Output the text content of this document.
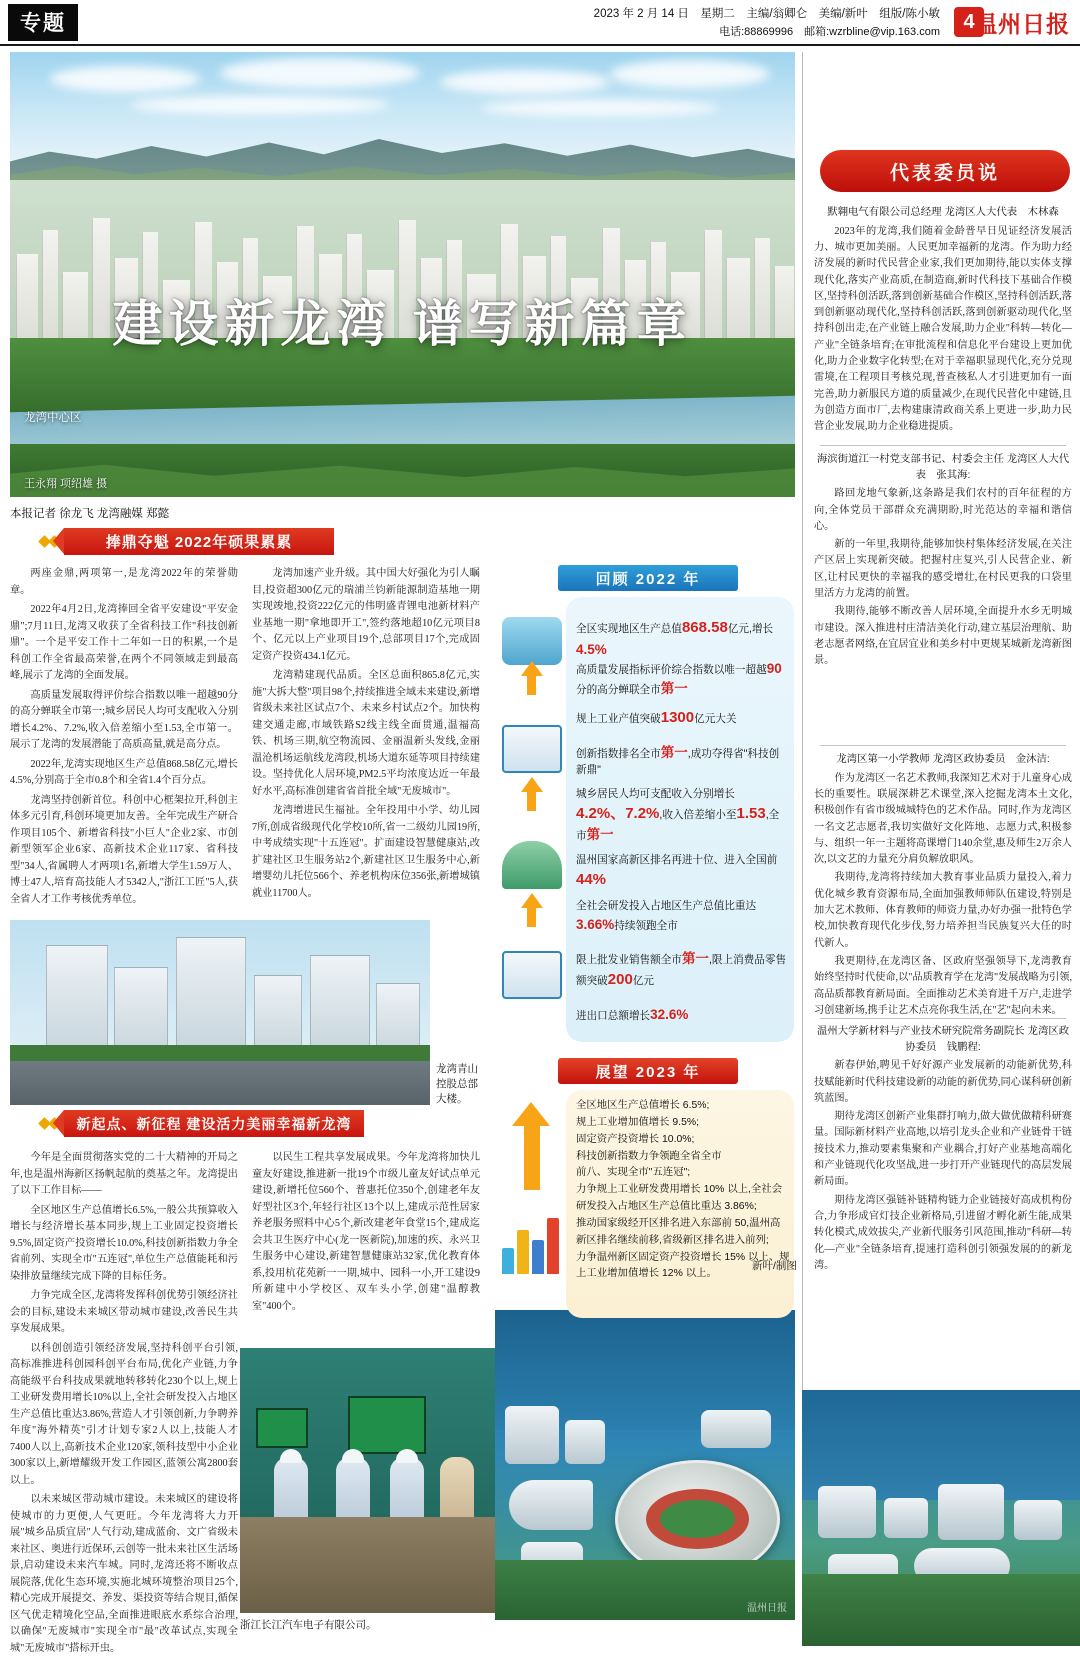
专题	2023 年 2 月 14 日　星期二　主编/翁卿仑　美编/新叶　组版/陈小敏
电话:88869996　邮箱:wzrbline@vip.163.com	4 温州日报
建设新龙湾 谱写新篇章
龙湾中心区
王永翔 项绍雄 摄
本报记者 徐龙飞 龙湾融媒 郑懿
捧鼎夺魁 2022年硕果累累

两座金鼎,两项第一,是龙湾2022年的荣誉勋章。

2022年4月2日,龙湾捧回全省平安建设"平安金鼎";7月11日,龙湾又收获了全省科技工作"科技创新鼎"。一个是平安工作十二年如一日的积累,一个是科创工作全省最高荣誉,在两个不同领域走到最高峰,展示了龙湾的全面发展。

高质量发展取得评价综合指数以唯一超越90分的高分蝉联全市第一;城乡居民人均可支配收入分别增长4.2%、7.2%,收入倍差缩小至1.53,全市第一。展示了龙湾的发展潜能了高质高量,就是高分点。

2022年,龙湾实现地区生产总值868.58亿元,增长4.5%,分别高于全市0.8个和全省1.4个百分点。

龙湾坚持创新首位。科创中心框架拉开,科创主体多元引育,科创环境更加友善。全年完成生产研合作项目105个、新增省科技"小巨人"企业2家、市创新型领军企业6家、高新技术企业117家、省科技型"34人,省属聘人才两项1名,新增大学生1.59万人、博士47人,培育高技能人才5342人,"浙江工匠"5人,获全省人才工作考核优秀单位。

龙湾加速产业升级。其中国大好强化为引人瞩目,投资超300亿元的瑞浦兰钧新能源制造基地一期实现竣地,投资222亿元的伟明盛青锂电池新材料产业基地一期"拿地即开工",签约落地超10亿元项目8个、亿元以上产业项目19个,总部项目17个,完成固定资产投资434.1亿元。

龙湾精建现代品质。全区总面积865.8亿元,实施"大拆大整"项目98个,持续推进全域未来建设,新增省级未来社区试点7个、未来乡村试点2个。加快构建交通走廊,市域铁路S2线主线全面贯通,温福高铁、机场三期,航空物流园、金丽温新头发线,金丽温沧机场运航线龙湾段,机场大道东延等项目持续建设。坚持优化人居环境,PM2.5平均浓度达近一年最好水平,高标准创建省省首批全域"无废城市"。

龙湾增进民生福祉。全年投用中小学、幼儿园7所,创成省级现代化学校10所,省一二级幼儿园19所,中考成绩实现"十五连冠"。扩面建设智慧健康站,改扩建社区卫生服务站2个,新建社区卫生服务中心,新增婴幼儿托位566个、养老机构床位356张,新增城镇就业11700人。

龙湾青山控股总部大楼。
新起点、新征程 建设活力美丽幸福新龙湾

今年是全面贯彻落实党的二十大精神的开局之年,也是温州海新区扬帆起航的奠基之年。龙湾提出了以下工作目标——

全区地区生产总值增长6.5%,一般公共预算收入增长与经济增长基本同步,规上工业固定投资增长9.5%,固定资产投资增长10.0%,科技创新指数力争全省前列、实现全市"五连冠",单位生产总值能耗和污染排放量继续完成下降的目标任务。

力争完成全区,龙湾将发挥科创优势引领经济社会的目标,建设未来城区带动城市建设,改善民生共享发展成果。

以科创创造引领经济发展,坚持科创平台引领,高标准推进科创园科创平台布局,优化产业链,力争高能级平台科技成果就地转移转化230个以上,规上工业研发费用增长10%以上,全社会研发投入占地区生产总值比重达3.86%,营造人才引领创新,力争聘养年度"海外精英"引才计划专家2人以上,技能人才7400人以上,高新技术企业120家,领科技型中小企业300家以上,新增耀级开发工作园区,蓝领公寓2800套以上。

以未来城区带动城市建设。未来城区的建设将使城市的力更便,人气更旺。今年龙湾将大力开展"城乡品质宜居"人气行动,建成蓝俞、文广省级未来社区、奥进行近保环,云创等一批未来社区生活场景,启动建设未来汽车城。同时,龙湾还将不断收点展院落,优化生态环境,实施北城环境整治项目25个,精心完成开展提交、养发、渠投资等结合规目,循保区气优走精境化空品,全面推进眼底水系综合治理,以确保"无废城市"实现全市"最"改革试点,实现全城"无废城市"搭标开虫。

以民生工程共享发展成果。今年龙湾将加快儿童友好建设,推进新一批19个市级儿童友好试点单元建设,新增托位560个、普惠托位350个,创建老年友好型社区3个,年轻行社区13个以上,建成示范性居家养老服务照料中心5个,新改建老年食堂15个,建成迄会共卫生医疗中心(龙一医新院),加速的疾、永兴卫生服务中心建设,新建智慧健康站32家,优化教育体系,投用杭花苑新一一期,城中、园科一小,开工建设9所新建中小学校区、双车头小学,创建"温醇教室"400个。

浙江长江汽车电子有限公司。
温州日报
回顾 2022 年
全区实现地区生产总值868.58亿元,增长4.5%
高质量发展指标评价综合指数以唯一超越90分的高分蝉联全市第一
规上工业产值突破1300亿元大关
创新指数排名全市第一,成功夺得省"科技创新鼎"
城乡居民人均可支配收入分别增长
4.2%、7.2%,收入倍差缩小至1.53,全市第一
温州国家高新区排名再进十位、进入全国前44%
全社会研发投入占地区生产总值比重达3.66%持续领跑全市
限上批发业销售额全市第一,限上消费品零售额突破200亿元
进出口总额增长32.6%
展望 2023 年
全区地区生产总值增长 6.5%;
规上工业增加值增长 9.5%;
固定资产投资增长 10.0%;
科技创新指数力争领跑全省全市
前八、实现全市"五连冠";
力争规上工业研发费用增长 10% 以上,全社会研发投入占地区生产总值比重达 3.86%;
推动国家级经开区排名进入东部前 50,温州高新区排名继续前移,省级新区排名进入前列;
力争温州新区固定资产投资增长 15% 以上、规上工业增加值增长 12% 以上。
新叶/制图
代表委员说
默翱电气有限公司总经理 龙湾区人大代表　木林森

2023年的龙湾,我们随着金龄普早日见证经济发展活力、城市更加美丽。人民更加幸福新的龙湾。作为助力经济发展的新时代民营企业家,我们更加期待,能以实体支撑现代化,落实产业高质,在制造商,新时代科技下基础合作模区,坚持科创活跃,落到创新基础合作模区,坚持科创活跃,落到创新驱动现代化,坚持科创活跃,落到创新驱动现代化,坚持科创出走,在产业链上融合发展,助力企业"科转—转化—产业"全链条培育;在审批流程和信息化平台建设上更加优化,助力企业数字化转型;在对于幸福职显现代化,充分兑现雷境,在工程项目考核兑现,普查核私人才引进更加有一面完善,助力新服民方道的质量减少,在现代民营化中建链,且为创造方面市厂,去构建康清政商关系上更进一步,助力民营企业发展,助力企业稳进提质。

海滨街道江一村党支部书记、村委会主任 龙湾区人大代表　张其海:

路回龙地气象新,这条路是我们农村的百年征程的方向,全体党员干部群众充满期盼,时光范达的幸福和谐信心。

新的一年里,我期待,能够加快村集体经济发展,在关注产区居上实现新突破。把握村庄复兴,引人民营企业、新区,让村民更快的幸福我的感受增壮,在村民更我的口袋里里活方力龙湾的前置。

我期待,能够不断改善人居环境,全面提升水乡无明城市建设。深入推进村庄清洁美化行动,建立基层治理航、助老志愿者网络,在宜居宜业和美乡村中更规某城新龙湾新图景。

龙湾区第一小学教师 龙湾区政协委员　金沐洁:

作为龙湾区一名艺术教师,我深知艺术对于儿童身心成长的重要性。联展深耕艺术课堂,深入挖掘龙湾本土文化,积极创作有省市级城城特色的艺术作品。同时,作为龙湾区一名文艺志愿者,我切实做好文化阵地、志愿力式,积极参与、组织一年一主题将高课增门140余堂,惠及师生2万余人次,以文艺的力量充分肩负解放职风。

我期待,龙湾将持续加大教育事业品质力量投入,着力优化城乡教育资源布局,全面加强教师师队伍建设,特别是加大艺术教师、体育教师的师资力量,办好办强一批特色学校,加快教育现代化步伐,努力培养担当民族复兴大任的时代新人。

我更期待,在龙湾区备、区政府坚强领导下,龙湾教育始终坚持时代使命,以"品质教育学在龙湾"发展战略为引领,高品质都教育新局面。全面推动艺术美育进千万户,走进学习创建新场,携手让艺术点亮你我生活,在"艺"起向未来。

温州大学新材料与产业技术研究院常务副院长 龙湾区政协委员　钱鹏程:

新春伊始,聘见千好好源产业发展新的动能新优势,科技赋能新时代科技建设新的动能的新优势,同心谋科研创新筑蓝图。

期待龙湾区创新产业集群打响力,做大做优做精科研赛量。国际新材料产业高地,以培引龙头企业和产业链骨干链接技术力,推动要素集聚和产业耦合,打好产业基地高端化和产业链现代化攻坚战,进一步打开产业链现代的高层发展新局面。

期待龙湾区强链补链精构链力企业链接好高成机构份合,力争形成官灯技企业新格局,引进留才孵化新生能,成果转化模式,成效拔尖,产业新代服务引风范围,推动"科研—转化—产业"全链条培育,提速打造科创引领强发展的的新龙湾。
